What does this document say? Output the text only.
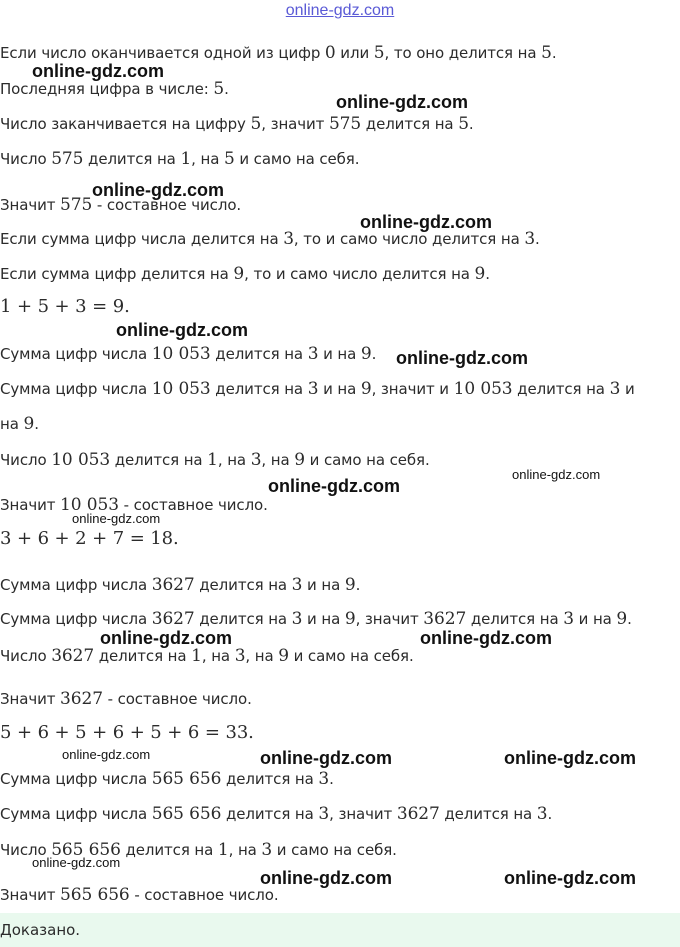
online-gdz.com
Если число оканчивается одной из цифр 0 или 5, то оно делится на 5.
Последняя цифра в числе: 5.
Число заканчивается на цифру 5, значит 575 делится на 5.
Число 575 делится на 1, на 5 и само на себя.
Значит 575 - составное число.
Если сумма цифр числа делится на 3, то и само число делится на 3.
Если сумма цифр делится на 9, то и само число делится на 9.
1 + 5 + 3 = 9.
Сумма цифр числа 10 053 делится на 3 и на 9.
Сумма цифр числа 10 053 делится на 3 и на 9, значит и 10 053 делится на 3 и
на 9.
Число 10 053 делится на 1, на 3, на 9 и само на себя.
Значит 10 053 - составное число.
3 + 6 + 2 + 7 = 18.
Сумма цифр числа 3627 делится на 3 и на 9.
Сумма цифр числа 3627 делится на 3 и на 9, значит 3627 делится на 3 и на 9.
Число 3627 делится на 1, на 3, на 9 и само на себя.
Значит 3627 - составное число.
5 + 6 + 5 + 6 + 5 + 6 = 33.
Сумма цифр числа 565 656 делится на 3.
Сумма цифр числа 565 656 делится на 3, значит 3627 делится на 3.
Число 565 656 делится на 1, на 3 и само на себя.
Значит 565 656 - составное число.
online-gdz.com
online-gdz.com
online-gdz.com
online-gdz.com
online-gdz.com
online-gdz.com
online-gdz.com
online-gdz.com
online-gdz.com
online-gdz.com	online-gdz.com
online-gdz.com	online-gdz.com	online-gdz.com
online-gdz.com
online-gdz.com	online-gdz.com
Доказано.
